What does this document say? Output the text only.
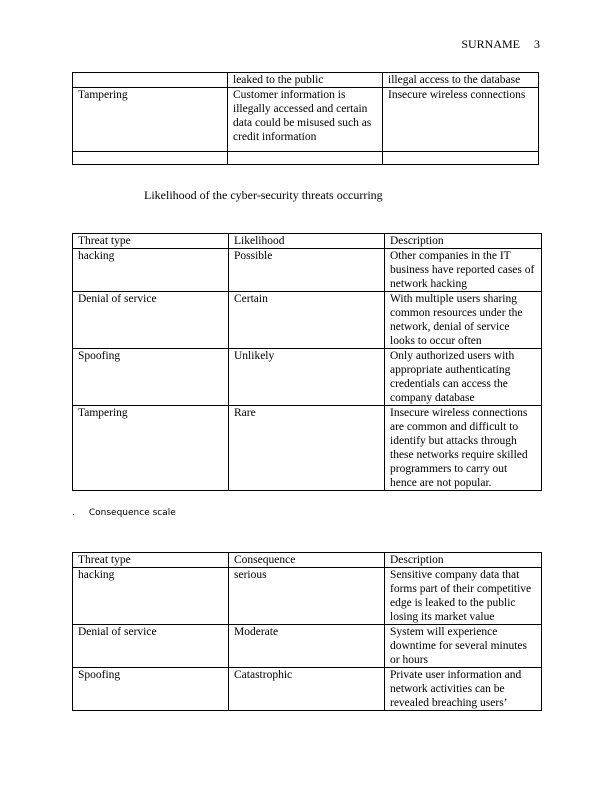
SURNAME 3
	leaked to the public	illegal access to the database
Tampering	Customer information is illegally accessed and certain data could be misused such as credit information	Insecure wireless connections

Likelihood of the cyber-security threats occurring
Threat type	Likelihood	Description
hacking	Possible	Other companies in the IT business have reported cases of network hacking
Denial of service	Certain	With multiple users sharing common resources under the network, denial of service looks to occur often
Spoofing	Unlikely	Only authorized users with appropriate authenticating credentials can access the company database
Tampering	Rare	Insecure wireless connections are common and difficult to identify but attacks through these networks require skilled programmers to carry out hence are not popular.
. Consequence scale
Threat type	Consequence	Description
hacking	serious	Sensitive company data that forms part of their competitive edge is leaked to the public losing its market value
Denial of service	Moderate	System will experience downtime for several minutes or hours
Spoofing	Catastrophic	Private user information and network activities can be revealed breaching users’
